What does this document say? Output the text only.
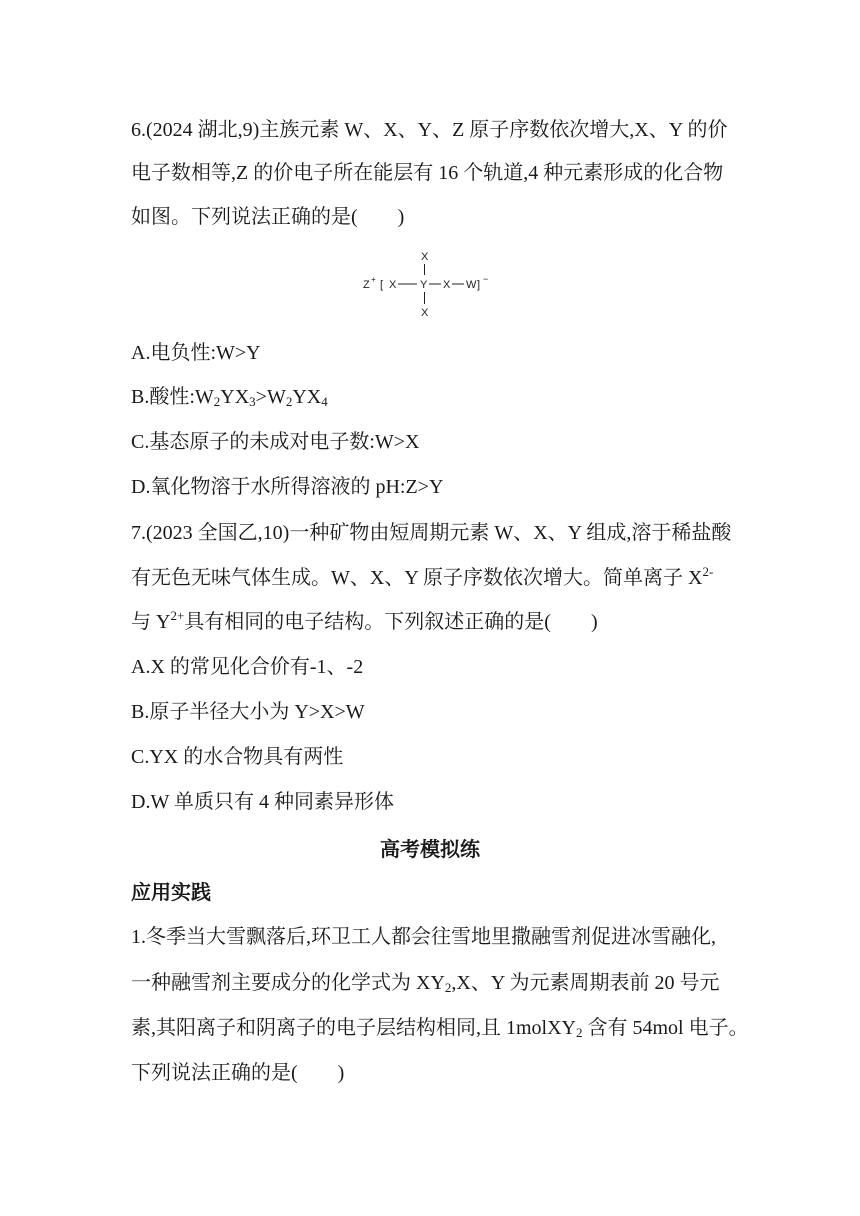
6.(2024 湖北,9)主族元素 W、X、Y、Z 原子序数依次增大,X、Y 的价
电子数相等,Z 的价电子所在能层有 16 个轨道,4 种元素形成的化合物
如图。下列说法正确的是(　　)
X
Z + [ X Y X W ] −
X
A.电负性:W>Y
B.酸性$:W_2YX_3>W_2YX_4$
C.基态原子的未成对电子数:W>X
D.氧化物溶于水所得溶液的 pH:Z>Y
7.(2023 全国乙,10)一种矿物由短周期元素 W、X、Y 组成,溶于稀盐酸
有无色无味气体生成。W、X、Y 原子序数依次增大。简单离子 $X^{2-}$
与 $Y^{2+}$具有相同的电子结构。下列叙述正确的是(　　)
A.X 的常见化合价有-1、-2
B.原子半径大小为 Y>X>W
C.YX 的水合物具有两性
D.W 单质只有 4 种同素异形体
高考模拟练
应用实践
1.冬季当大雪飘落后,环卫工人都会往雪地里撒融雪剂促进冰雪融化,
一种融雪剂主要成分的化学式为 $XY_2,X$、Y 为元素周期表前 20 号元
素,其阳离子和阴离子的电子层结构相同,且 1molXY$_2$ 含有 54mol 电子。
下列说法正确的是(　　)
